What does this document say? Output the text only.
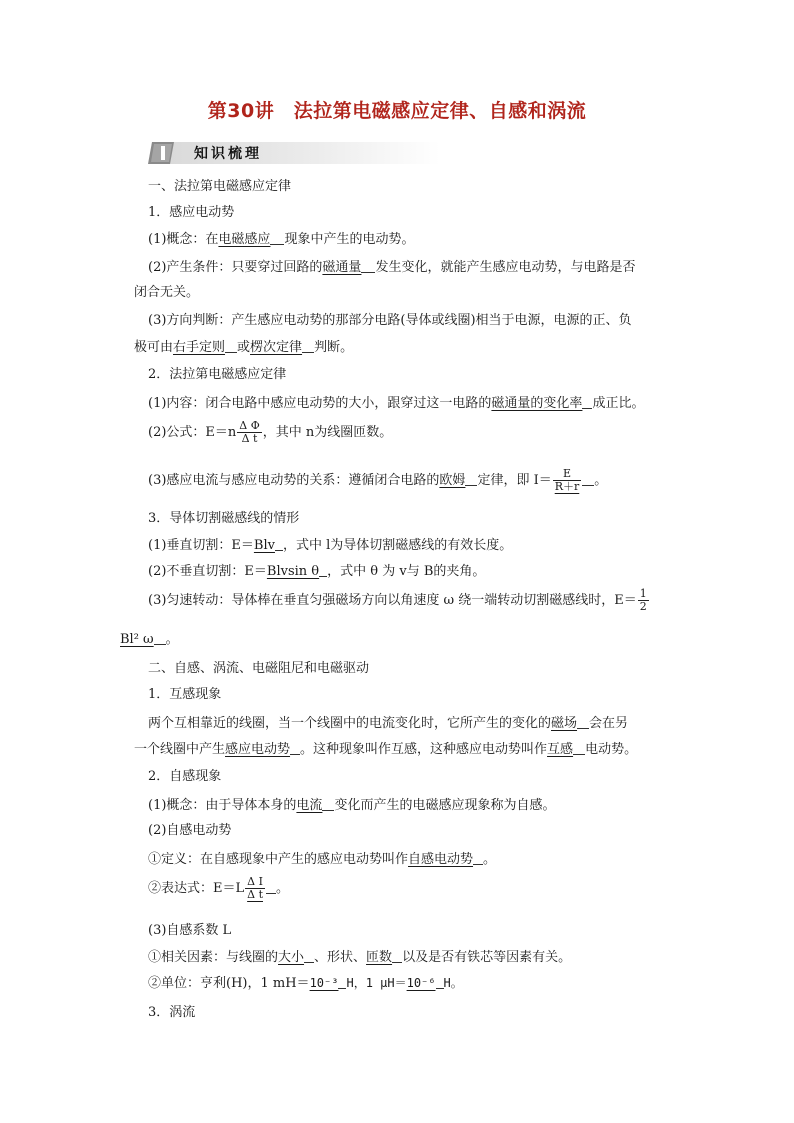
第30讲　法拉第电磁感应定律、自感和涡流
知识梳理
一、法拉第电磁感应定律
1．感应电动势
(1)概念：在电磁感应 现象中产生的电动势。
(2)产生条件：只要穿过回路的磁通量 发生变化，就能产生感应电动势，与电路是否
闭合无关。
(3)方向判断：产生感应电动势的那部分电路(导体或线圈)相当于电源，电源的正、负
极可由右手定则 或楞次定律 判断。
2．法拉第电磁感应定律
(1)内容：闭合电路中感应电动势的大小，跟穿过这一电路的磁通量的变化率 成正比。
(2)公式：$E=n \frac{\text{Δ Φ}}{\text{Δ t}}$ ，其中 n为线圈匝数。
(3)感应电流与感应电动势的关系：遵循闭合电路的欧姆 定律，即 $I= \frac{E}{R+r}$ 。
3．导体切割磁感线的情形
(1)垂直切割：E＝Blv ，式中 l为导体切割磁感线的有效长度。
(2)不垂直切割：E＝Blvsin θ ，式中 θ 为 v与 B的夹角。
(3)匀速转动：导体棒在垂直匀强磁场方向以角速度 ω 绕一端转动切割磁感线时，$E= \frac{1}{2}$
Bl² ω 。
二、自感、涡流、电磁阻尼和电磁驱动
1．互感现象
两个互相靠近的线圈，当一个线圈中的电流变化时，它所产生的变化的磁场 会在另
一个线圈中产生感应电动势 。这种现象叫作互感，这种感应电动势叫作互感 电动势。
2．自感现象
(1)概念：由于导体本身的电流 变化而产生的电磁感应现象称为自感。
(2)自感电动势
①定义：在自感现象中产生的感应电动势叫作自感电动势 。
②表达式：$E=L \frac{\text{Δ I}}{\text{Δ t}}$ 。
(3)自感系数 L
①相关因素：与线圈的大小 、形状、匝数 以及是否有铁芯等因素有关。
②单位：亨利(H)，1 mH＝10⁻³ H，1 μH＝10⁻⁶ H。
3．涡流
